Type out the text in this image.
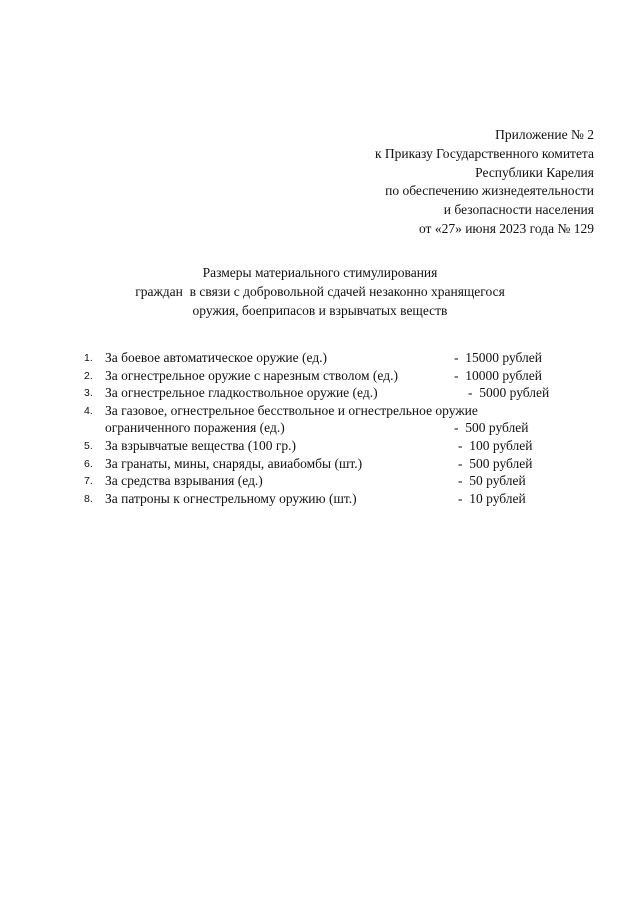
Приложение № 2
к Приказу Государственного комитета
Республики Карелия
по обеспечению жизнедеятельности
и безопасности населения
от «27» июня 2023 года № 129
Размеры материального стимулирования
граждан  в связи с добровольной сдачей незаконно хранящегося
оружия, боеприпасов и взрывчатых веществ
1. За боевое автоматическое оружие (ед.)	-  15000 рублей
2. За огнестрельное оружие с нарезным стволом (ед.)	-  10000 рублей
3. За огнестрельное гладкоствольное оружие (ед.)	-  5000 рублей
4. За газовое, огнестрельное бесствольное и огнестрельное оружие
ограниченного поражения (ед.)	-  500 рублей
5. За взрывчатые вещества (100 гр.)	-  100 рублей
6. За гранаты, мины, снаряды, авиабомбы (шт.)	-  500 рублей
7. За средства взрывания (ед.)	-  50 рублей
8. За патроны к огнестрельному оружию (шт.)	-  10 рублей
